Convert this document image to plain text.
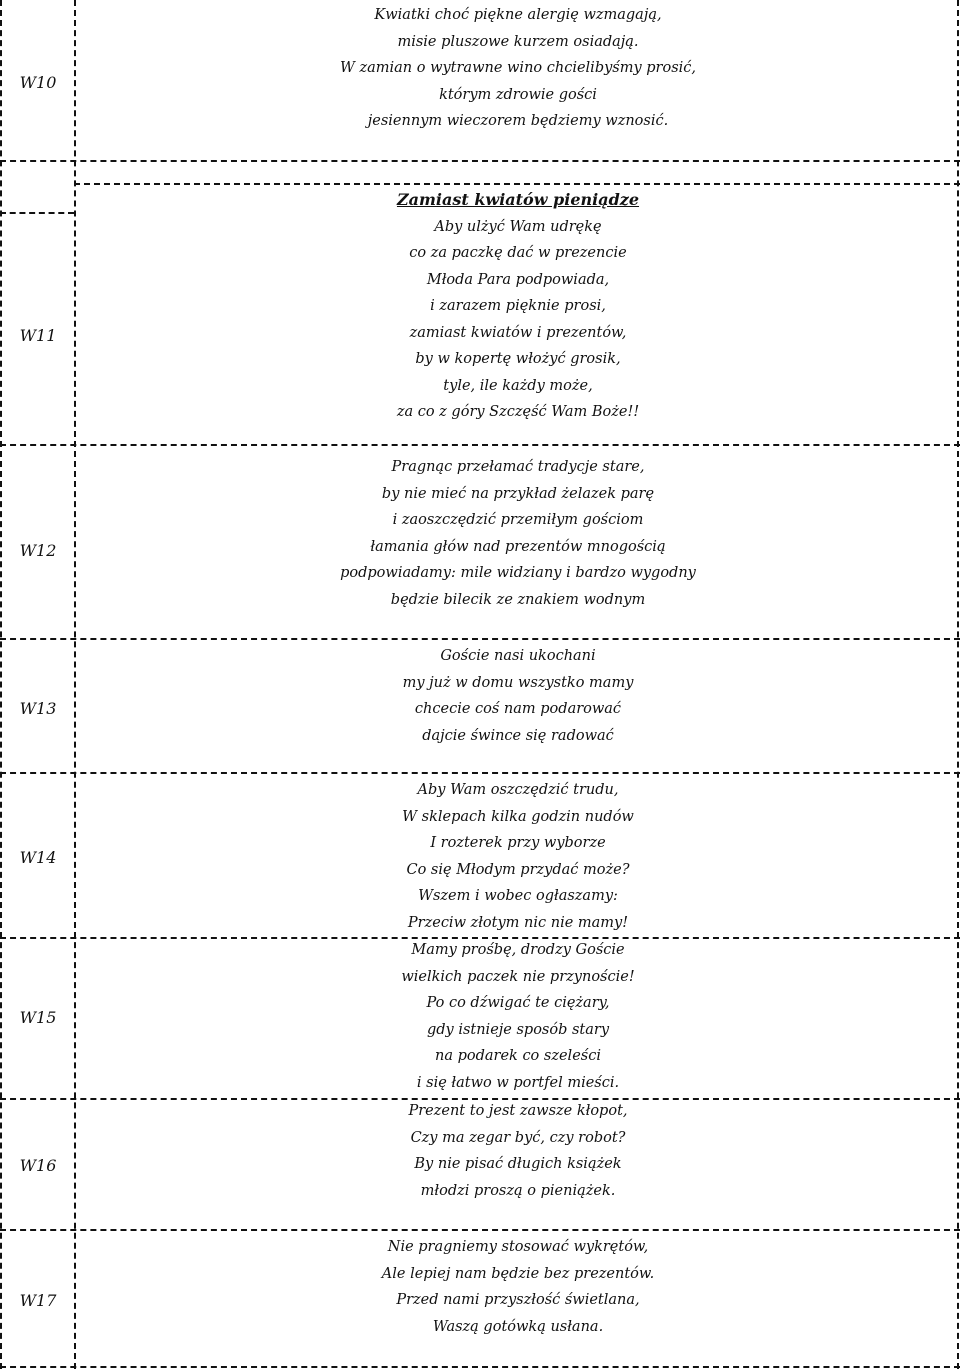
W10
Kwiatki choć piękne alergię wzmagają,
misie pluszowe kurzem osiadają.
W zamian o wytrawne wino chcielibyśmy prosić,
którym zdrowie gości
jesiennym wieczorem będziemy wznosić.
W11
Zamiast kwiatów pieniądze
Aby ulżyć Wam udrękę
co za paczkę dać w prezencie
Młoda Para podpowiada,
i zarazem pięknie prosi,
zamiast kwiatów i prezentów,
by w kopertę włożyć grosik,
tyle, ile każdy może,
za co z góry Szczęść Wam Boże!!
W12
Pragnąc przełamać tradycje stare,
by nie mieć na przykład żelazek parę
i zaoszczędzić przemiłym gościom
łamania głów nad prezentów mnogością
podpowiadamy: mile widziany i bardzo wygodny
będzie bilecik ze znakiem wodnym
W13
Goście nasi ukochani
my już w domu wszystko mamy
chcecie coś nam podarować
dajcie śwince się radować
W14
Aby Wam oszczędzić trudu,
W sklepach kilka godzin nudów
I rozterek przy wyborze
Co się Młodym przydać może?
Wszem i wobec ogłaszamy:
Przeciw złotym nic nie mamy!
W15
Mamy prośbę, drodzy Goście
wielkich paczek nie przynoście!
Po co dźwigać te ciężary,
gdy istnieje sposób stary
na podarek co szeleści
i się łatwo w portfel mieści.
W16
Prezent to jest zawsze kłopot,
Czy ma zegar być, czy robot?
By nie pisać długich książek
młodzi proszą o pieniążek.
W17
Nie pragniemy stosować wykrętów,
Ale lepiej nam będzie bez prezentów.
Przed nami przyszłość świetlana,
Waszą gotówką usłana.
